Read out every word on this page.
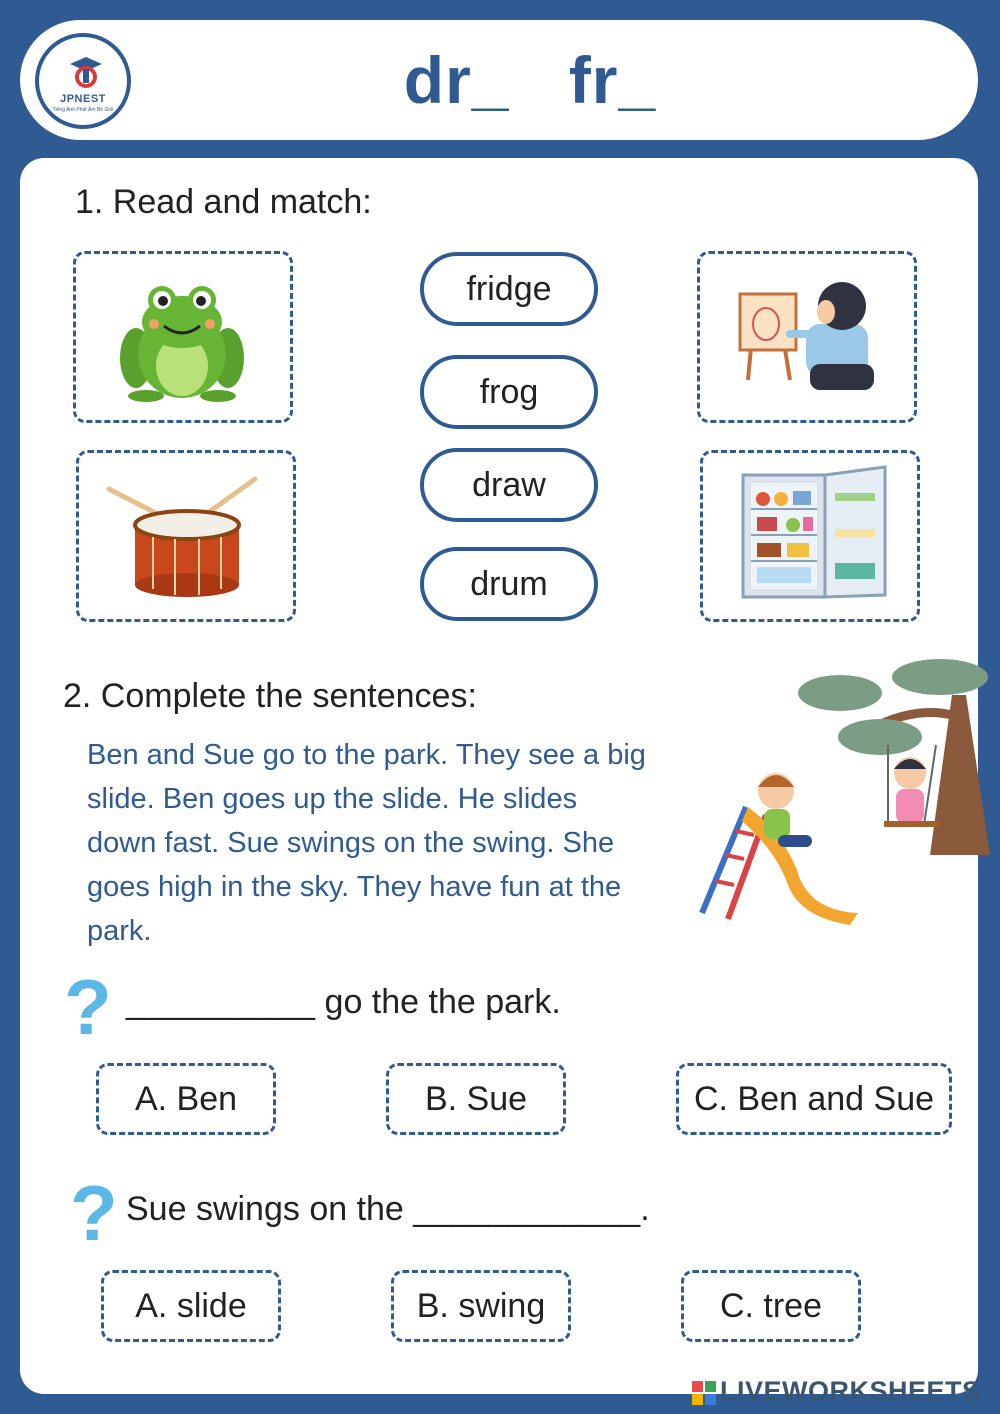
JPNEST
Tiếng Anh Phát Âm Bé Giỏi	dr_ fr_
1. Read and match:
fridge
frog
draw
drum
2. Complete the sentences:
Ben and Sue go to the park. They see a big slide. Ben goes up the slide. He slides down fast. Sue swings on the swing. She goes high in the sky. They have fun at the park.
? __________ go the the park.
A. Ben	B. Sue	C. Ben and Sue
? Sue swings on the ____________.
A. slide	B. swing	C. tree
LIVEWORKSHEETS
